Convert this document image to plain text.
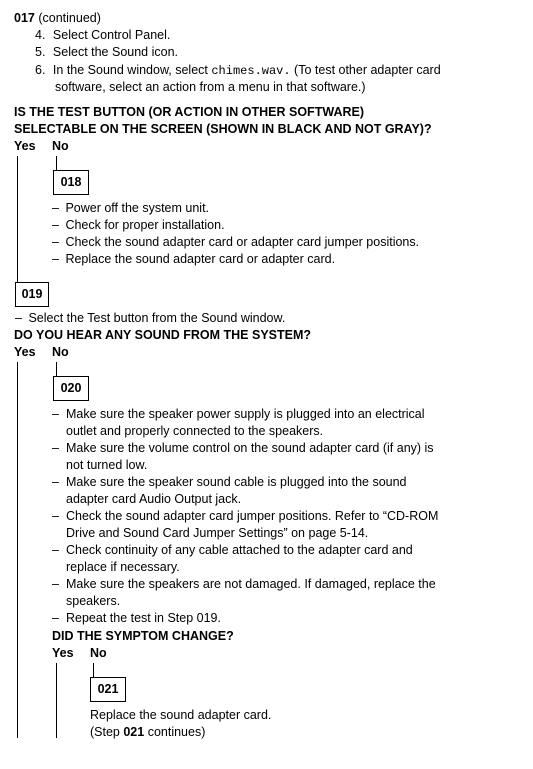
017 (continued)
4. Select Control Panel.
5. Select the Sound icon.
6. In the Sound window, select chimes.wav. (To test other adapter card
software, select an action from a menu in that software.)
IS THE TEST BUTTON (OR ACTION IN OTHER SOFTWARE)
SELECTABLE ON THE SCREEN (SHOWN IN BLACK AND NOT GRAY)?
Yes No
018
– Power off the system unit.
– Check for proper installation.
– Check the sound adapter card or adapter card jumper positions.
– Replace the sound adapter card or adapter card.
019
– Select the Test button from the Sound window.
DO YOU HEAR ANY SOUND FROM THE SYSTEM?
Yes No
020
– Make sure the speaker power supply is plugged into an electrical
outlet and properly connected to the speakers.
– Make sure the volume control on the sound adapter card (if any) is
not turned low.
– Make sure the speaker sound cable is plugged into the sound
adapter card Audio Output jack.
– Check the sound adapter card jumper positions. Refer to “CD-ROM
Drive and Sound Card Jumper Settings” on page 5-14.
– Check continuity of any cable attached to the adapter card and
replace if necessary.
– Make sure the speakers are not damaged. If damaged, replace the
speakers.
– Repeat the test in Step 019.
DID THE SYMPTOM CHANGE?
Yes No
021
Replace the sound adapter card.
(Step 021 continues)
